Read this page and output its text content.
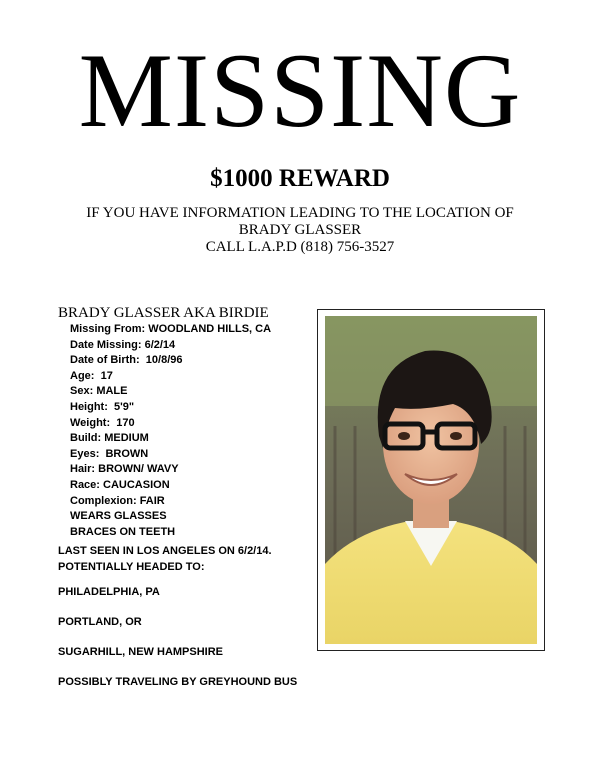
MISSING
$1000 REWARD
IF YOU HAVE INFORMATION LEADING TO THE LOCATION OF
BRADY GLASSER
CALL L.A.P.D (818) 756-3527
BRADY GLASSER AKA BIRDIE
Missing From: WOODLAND HILLS, CA
Date Missing: 6/2/14
Date of Birth: 10/8/96
Age: 17
Sex: MALE
Height: 5'9"
Weight: 170
Build: MEDIUM
Eyes: BROWN
Hair: BROWN/ WAVY
Race: CAUCASION
Complexion: FAIR
WEARS GLASSES
BRACES ON TEETH
LAST SEEN IN LOS ANGELES ON 6/2/14.
POTENTIALLY HEADED TO:
PHILADELPHIA, PA
PORTLAND, OR
SUGARHILL, NEW HAMPSHIRE
POSSIBLY TRAVELING BY GREYHOUND BUS
